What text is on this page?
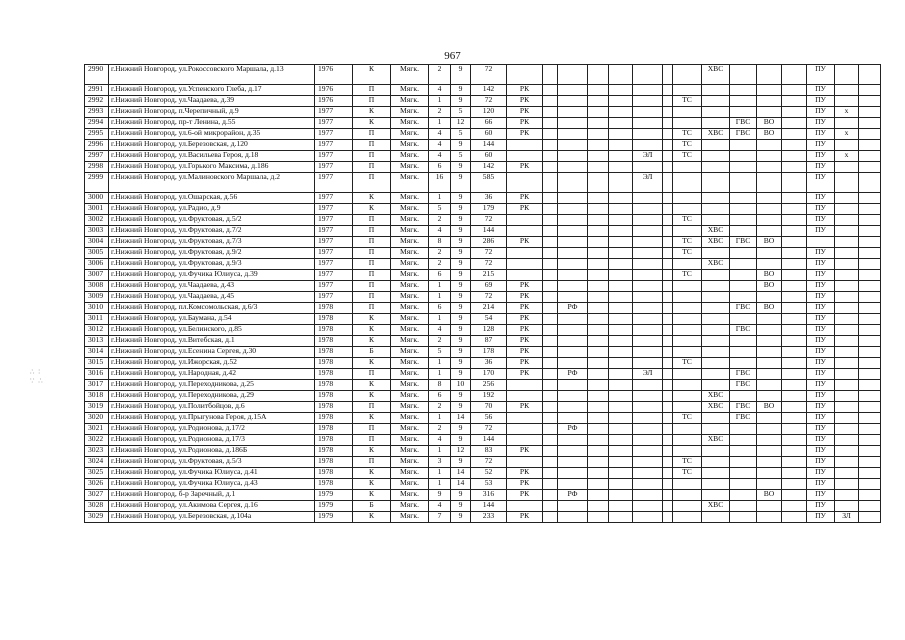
967
∴ ∶
∵ ∴
2990	г.Нижний Новгород, ул.Рокоссовского Маршала, д.13	1976	К	Мягк.	2	9	72									ХВС				ПУ		
2991	г.Нижний Новгород, ул.Успенского Глеба, д.17	1976	П	Мягк.	4	9	142	РК												ПУ		
2992	г.Нижний Новгород, ул.Чаадаева, д.39	1976	П	Мягк.	1	9	72	РК							ТС					ПУ		
2993	г.Нижний Новгород, п.Черепичный, д.9	1977	К	Мягк.	2	5	120	РК												ПУ	х	
2994	г.Нижний Новгород, пр-т Ленина, д.55	1977	К	Мягк.	1	12	66	РК									ГВС	ВО		ПУ		
2995	г.Нижний Новгород, ул.6-ой микрорайон, д.35	1977	П	Мягк.	4	5	60	РК							ТС	ХВС	ГВС	ВО		ПУ	х	
2996	г.Нижний Новгород, ул.Березовская, д.120	1977	П	Мягк.	4	9	144								ТС					ПУ		
2997	г.Нижний Новгород, ул.Васильева Героя, д.18	1977	П	Мягк.	4	5	60						ЭЛ		ТС					ПУ	х	
2998	г.Нижний Новгород, ул.Горького Максима, д.186	1977	П	Мягк.	6	9	142	РК												ПУ		
2999	г.Нижний Новгород, ул.Малиновского Маршала, д.2	1977	П	Мягк.	16	9	585						ЭЛ							ПУ		
3000	г.Нижний Новгород, ул.Ошарская, д.56	1977	К	Мягк.	1	9	36	РК												ПУ		
3001	г.Нижний Новгород, ул.Радио, д.9	1977	К	Мягк.	5	9	179	РК												ПУ		
3002	г.Нижний Новгород, ул.Фруктовая, д.5/2	1977	П	Мягк.	2	9	72								ТС					ПУ		
3003	г.Нижний Новгород, ул.Фруктовая, д.7/2	1977	П	Мягк.	4	9	144									ХВС				ПУ		
3004	г.Нижний Новгород, ул.Фруктовая, д.7/3	1977	П	Мягк.	8	9	286	РК							ТС	ХВС	ГВС	ВО				
3005	г.Нижний Новгород, ул.Фруктовая, д.9/2	1977	П	Мягк.	2	9	72								ТС					ПУ		
3006	г.Нижний Новгород, ул.Фруктовая, д.9/3	1977	П	Мягк.	2	9	72									ХВС				ПУ		
3007	г.Нижний Новгород, ул.Фучика Юлиуса, д.39	1977	П	Мягк.	6	9	215								ТС			ВО		ПУ		
3008	г.Нижний Новгород, ул.Чаадаева, д.43	1977	П	Мягк.	1	9	69	РК										ВО		ПУ		
3009	г.Нижний Новгород, ул.Чаадаева, д.45	1977	П	Мягк.	1	9	72	РК												ПУ		
3010	г.Нижний Новгород, пл.Комсомольская, д.6/3	1978	П	Мягк.	6	9	214	РК		РФ							ГВС	ВО		ПУ		
3011	г.Нижний Новгород, ул.Баумана, д.54	1978	К	Мягк.	1	9	54	РК												ПУ		
3012	г.Нижний Новгород, ул.Белинского, д.85	1978	К	Мягк.	4	9	128	РК									ГВС			ПУ		
3013	г.Нижний Новгород, ул.Витебская, д.1	1978	К	Мягк.	2	9	87	РК												ПУ		
3014	г.Нижний Новгород, ул.Есенина Сергея, д.30	1978	Б	Мягк.	5	9	178	РК												ПУ		
3015	г.Нижний Новгород, ул.Ижорская, д.52	1978	К	Мягк.	1	9	36	РК							ТС					ПУ		
3016	г.Нижний Новгород, ул.Народная, д.42	1978	П	Мягк.	1	9	170	РК		РФ			ЭЛ				ГВС			ПУ		
3017	г.Нижний Новгород, ул.Переходникова, д.25	1978	К	Мягк.	8	10	256										ГВС			ПУ		
3018	г.Нижний Новгород, ул.Переходникова, д.29	1978	К	Мягк.	6	9	192									ХВС				ПУ		
3019	г.Нижний Новгород, ул.Политбойцов, д.6	1978	П	Мягк.	2	9	70	РК								ХВС	ГВС	ВО		ПУ		
3020	г.Нижний Новгород, ул.Прыгунова Героя, д.15А	1978	К	Мягк.	1	14	56								ТС		ГВС			ПУ		
3021	г.Нижний Новгород, ул.Родионова, д.17/2	1978	П	Мягк.	2	9	72			РФ										ПУ		
3022	г.Нижний Новгород, ул.Родионова, д.17/3	1978	П	Мягк.	4	9	144									ХВС				ПУ		
3023	г.Нижний Новгород, ул.Родионова, д.186Б	1978	К	Мягк.	1	12	83	РК												ПУ		
3024	г.Нижний Новгород, ул.Фруктовая, д.5/3	1978	П	Мягк.	3	9	72								ТС					ПУ		
3025	г.Нижний Новгород, ул.Фучика Юлиуса, д.41	1978	К	Мягк.	1	14	52	РК							ТС					ПУ		
3026	г.Нижний Новгород, ул.Фучика Юлиуса, д.43	1978	К	Мягк.	1	14	53	РК												ПУ		
3027	г.Нижний Новгород, б-р Заречный, д.1	1979	К	Мягк.	9	9	316	РК		РФ								ВО		ПУ		
3028	г.Нижний Новгород, ул.Акимова Сергея, д.16	1979	Б	Мягк.	4	9	144									ХВС				ПУ		
3029	г.Нижний Новгород, ул.Березовская, д.104а	1979	К	Мягк.	7	9	233	РК												ПУ	ЗЛ	
